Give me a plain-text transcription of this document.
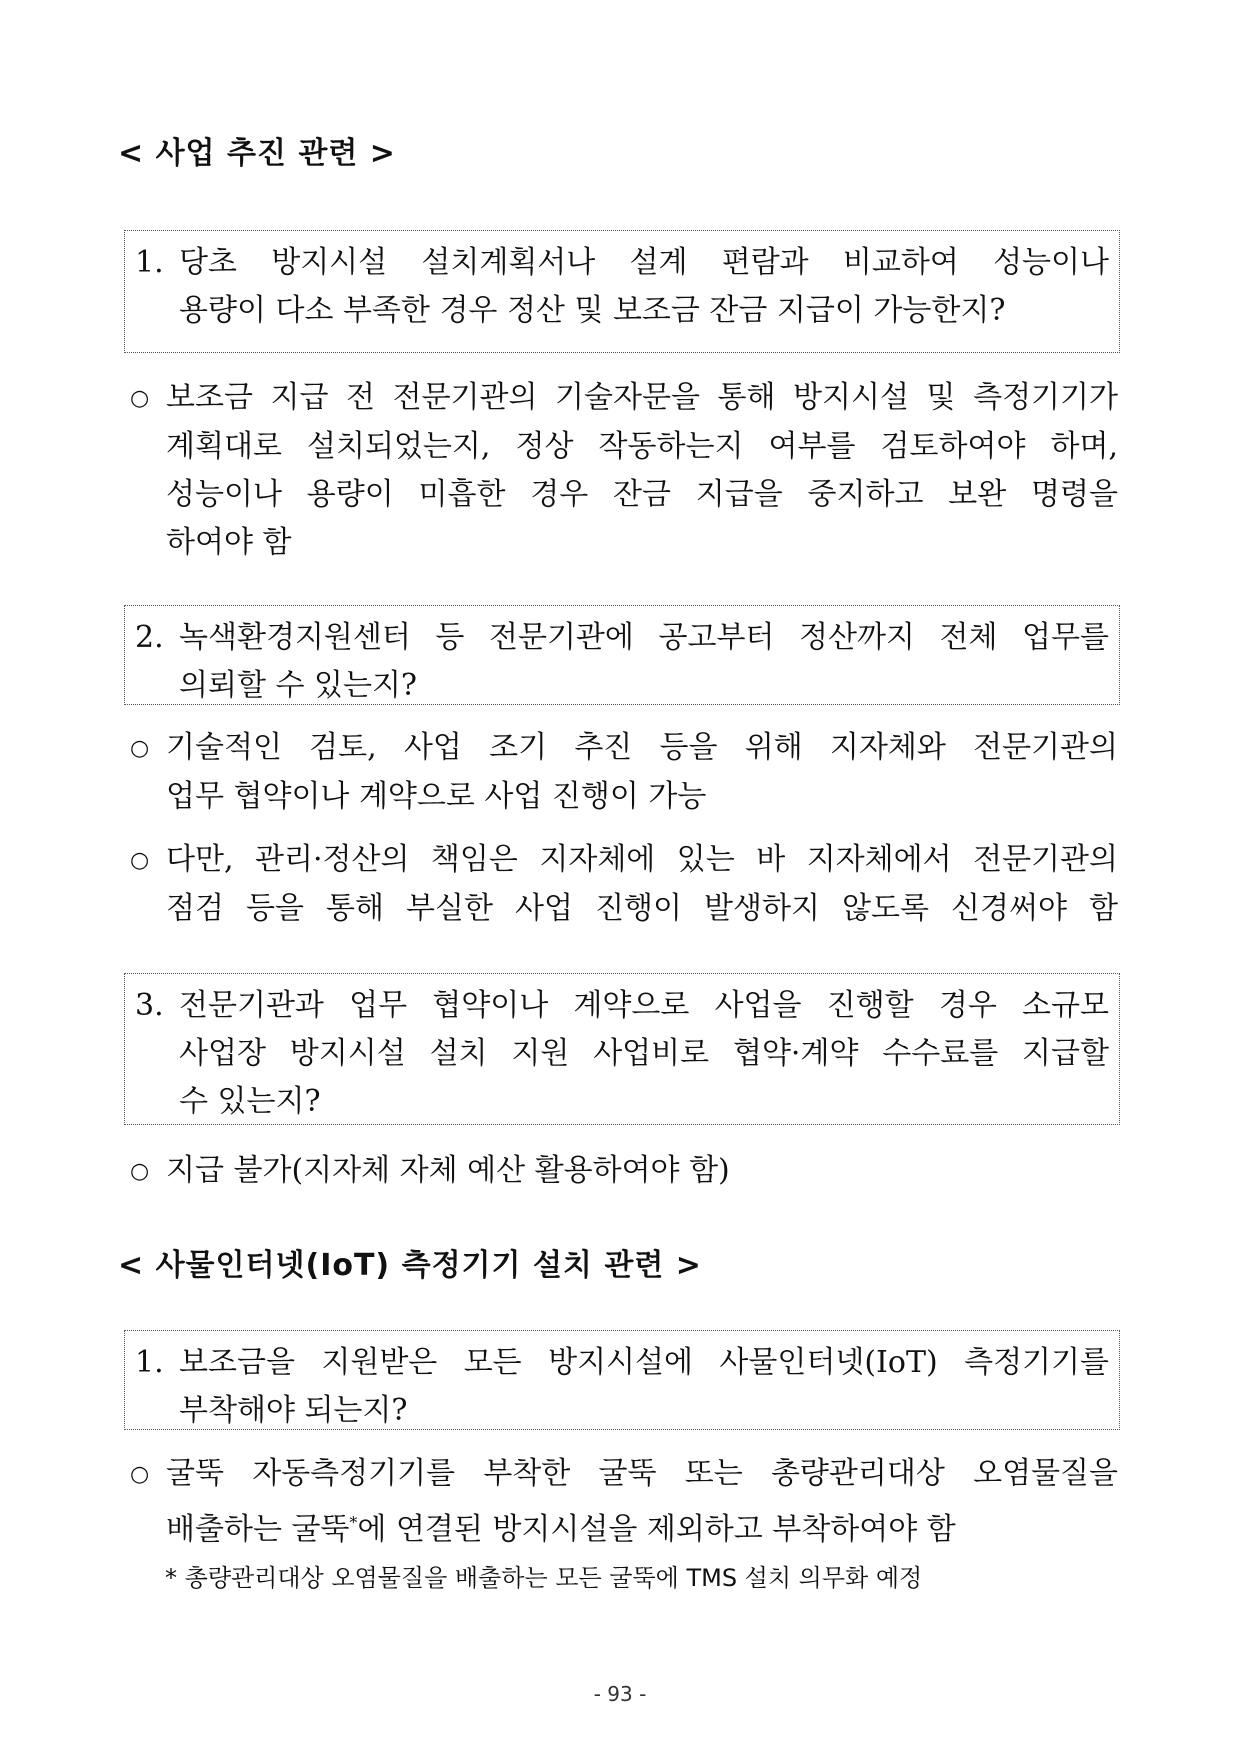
< 사업 추진 관련 >
1. 당초 방지시설 설치계획서나 설계 편람과 비교하여 성능이나
용량이 다소 부족한 경우 정산 및 보조금 잔금 지급이 가능한지?
○ 보조금 지급 전 전문기관의 기술자문을 통해 방지시설 및 측정기기가
계획대로 설치되었는지, 정상 작동하는지 여부를 검토하여야 하며,
성능이나 용량이 미흡한 경우 잔금 지급을 중지하고 보완 명령을
하여야 함
2. 녹색환경지원센터 등 전문기관에 공고부터 정산까지 전체 업무를
의뢰할 수 있는지?
○ 기술적인 검토, 사업 조기 추진 등을 위해 지자체와 전문기관의
업무 협약이나 계약으로 사업 진행이 가능
○ 다만, 관리·정산의 책임은 지자체에 있는 바 지자체에서 전문기관의
점검 등을 통해 부실한 사업 진행이 발생하지 않도록 신경써야 함
3. 전문기관과 업무 협약이나 계약으로 사업을 진행할 경우 소규모
사업장 방지시설 설치 지원 사업비로 협약·계약 수수료를 지급할
수 있는지?
○ 지급 불가(지자체 자체 예산 활용하여야 함)
< 사물인터넷(IoT) 측정기기 설치 관련 >
1. 보조금을 지원받은 모든 방지시설에 사물인터넷(IoT) 측정기기를
부착해야 되는지?
○ 굴뚝 자동측정기기를 부착한 굴뚝 또는 총량관리대상 오염물질을
배출하는 굴뚝*에 연결된 방지시설을 제외하고 부착하여야 함
* 총량관리대상 오염물질을 배출하는 모든 굴뚝에 TMS 설치 의무화 예정
- 93 -
